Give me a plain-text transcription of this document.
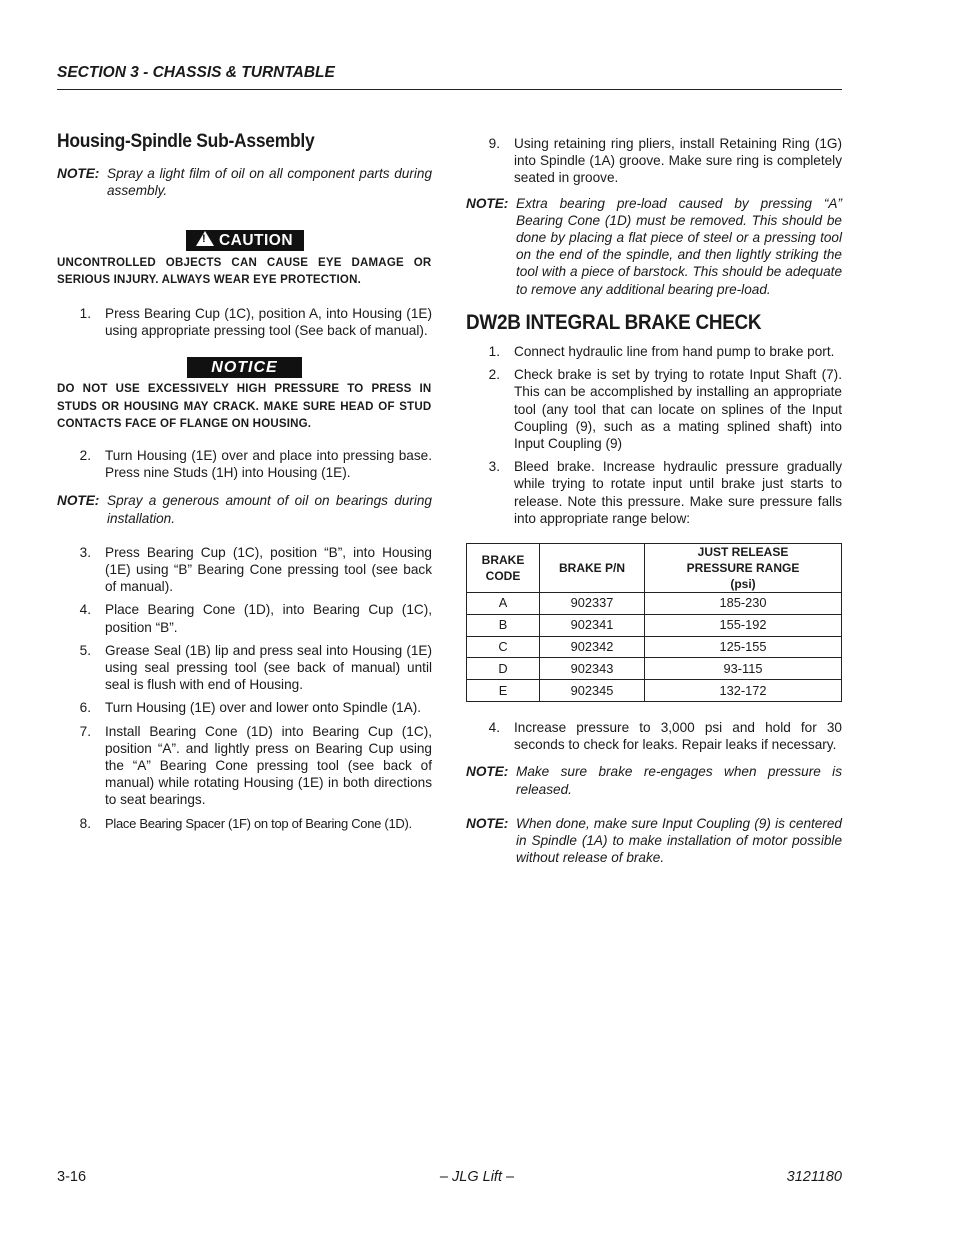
SECTION 3 - CHASSIS & TURNTABLE
Housing-Spindle Sub-Assembly
NOTE: Spray a light film of oil on all component parts during assembly.
!CAUTION
UNCONTROLLED OBJECTS CAN CAUSE EYE DAMAGE OR SERIOUS INJURY. ALWAYS WEAR EYE PROTECTION.
1.	Press Bearing Cup (1C), position A, into Housing (1E) using appropriate pressing tool (See back of manual).
NOTICE
DO NOT USE EXCESSIVELY HIGH PRESSURE TO PRESS IN STUDS OR HOUSING MAY CRACK. MAKE SURE HEAD OF STUD CONTACTS FACE OF FLANGE ON HOUSING.
2.	Turn Housing (1E) over and place into pressing base. Press nine Studs (1H) into Housing (1E).
NOTE: Spray a generous amount of oil on bearings during installation.
3.	Press Bearing Cup (1C), position “B”, into Housing (1E) using “B” Bearing Cone pressing tool (see back of manual).
4.	Place Bearing Cone (1D), into Bearing Cup (1C), position “B”.
5.	Grease Seal (1B) lip and press seal into Housing (1E) using seal pressing tool (see back of manual) until seal is flush with end of Housing.
6.	Turn Housing (1E) over and lower onto Spindle (1A).
7.	Install Bearing Cone (1D) into Bearing Cup (1C), position “A”. and lightly press on Bearing Cup using the “A” Bearing Cone pressing tool (see back of manual) while rotating Housing (1E) in both directions to seat bearings.
8.	Place Bearing Spacer (1F) on top of Bearing Cone (1D).
9.	Using retaining ring pliers, install Retaining Ring (1G) into Spindle (1A) groove. Make sure ring is completely seated in groove.
NOTE: Extra bearing pre-load caused by pressing “A” Bearing Cone (1D) must be removed. This should be done by placing a flat piece of steel or a pressing tool on the end of the spindle, and then lightly striking the tool with a piece of barstock. This should be adequate to remove any additional bearing pre-load.
DW2B INTEGRAL BRAKE CHECK
1.	Connect hydraulic line from hand pump to brake port.
2.	Check brake is set by trying to rotate Input Shaft (7). This can be accomplished by installing an appropriate tool (any tool that can locate on splines of the Input Coupling (9), such as a mating splined shaft) into Input Coupling (9)
3.	Bleed brake. Increase hydraulic pressure gradually while trying to rotate input until brake just starts to release. Note this pressure. Make sure pressure falls into appropriate range below:
BRAKE CODE	BRAKE P/N	JUST RELEASE PRESSURE RANGE (psi)
A	902337	185-230
B	902341	155-192
C	902342	125-155
D	902343	93-115
E	902345	132-172
4.	Increase pressure to 3,000 psi and hold for 30 seconds to check for leaks. Repair leaks if necessary.
NOTE: Make sure brake re-engages when pressure is released.
NOTE: When done, make sure Input Coupling (9) is centered in Spindle (1A) to make installation of motor possible without release of brake.
3-16	– JLG Lift –	3121180
